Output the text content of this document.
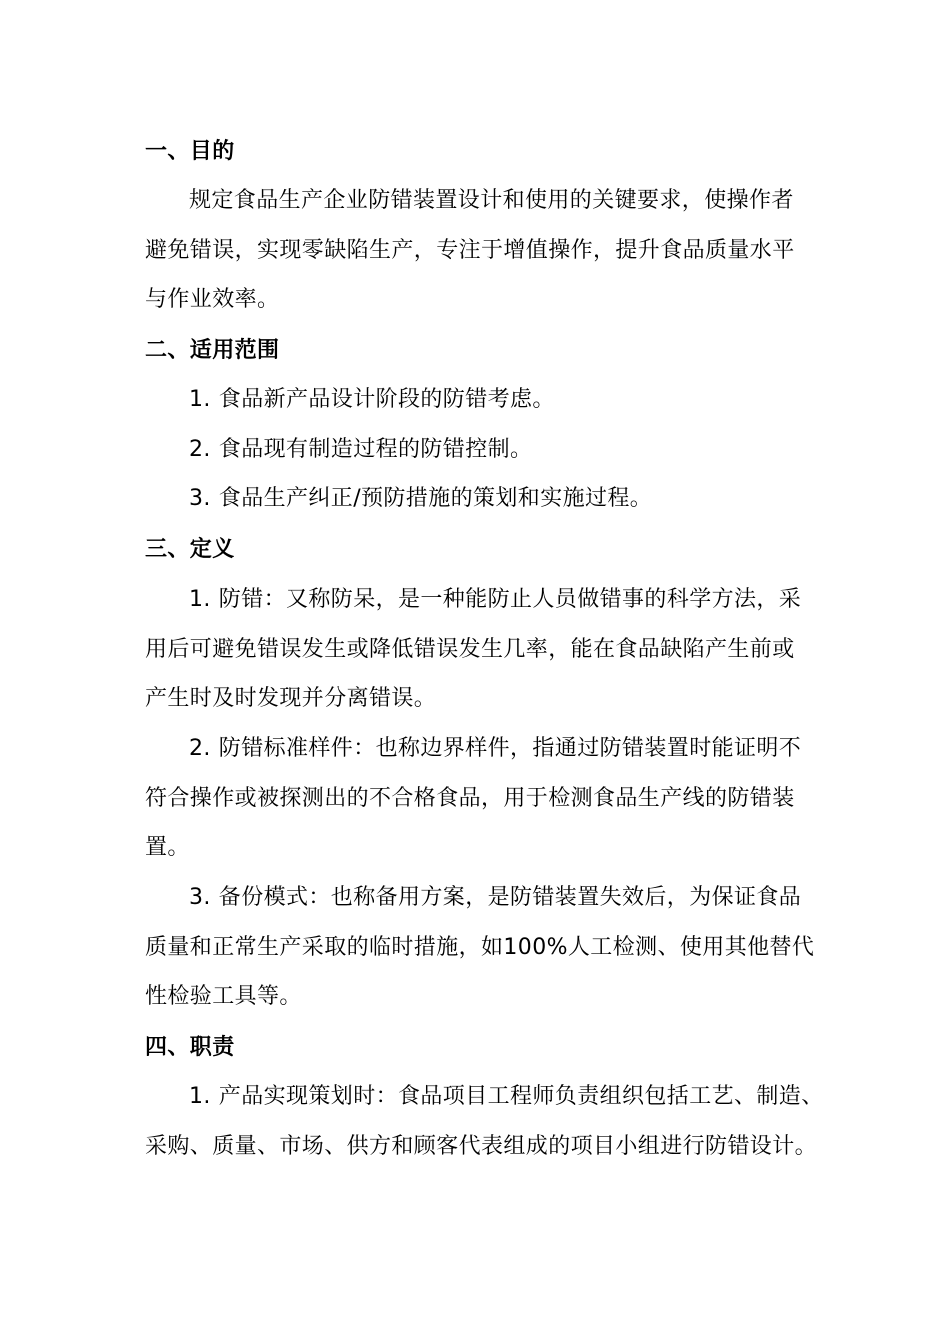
一、目的
规定食品生产企业防错装置设计和使用的关键要求，使操作者
避免错误，实现零缺陷生产，专注于增值操作，提升食品质量水平
与作业效率。
二、适用范围
1. 食品新产品设计阶段的防错考虑。
2. 食品现有制造过程的防错控制。
3. 食品生产纠正/预防措施的策划和实施过程。
三、定义
1. 防错：又称防呆，是一种能防止人员做错事的科学方法，采
用后可避免错误发生或降低错误发生几率，能在食品缺陷产生前或
产生时及时发现并分离错误。
2. 防错标准样件：也称边界样件，指通过防错装置时能证明不
符合操作或被探测出的不合格食品，用于检测食品生产线的防错装
置。
3. 备份模式：也称备用方案，是防错装置失效后，为保证食品
质量和正常生产采取的临时措施，如100%人工检测、使用其他替代
性检验工具等。
四、职责
1. 产品实现策划时：食品项目工程师负责组织包括工艺、制造、
采购、质量、市场、供方和顾客代表组成的项目小组进行防错设计。
